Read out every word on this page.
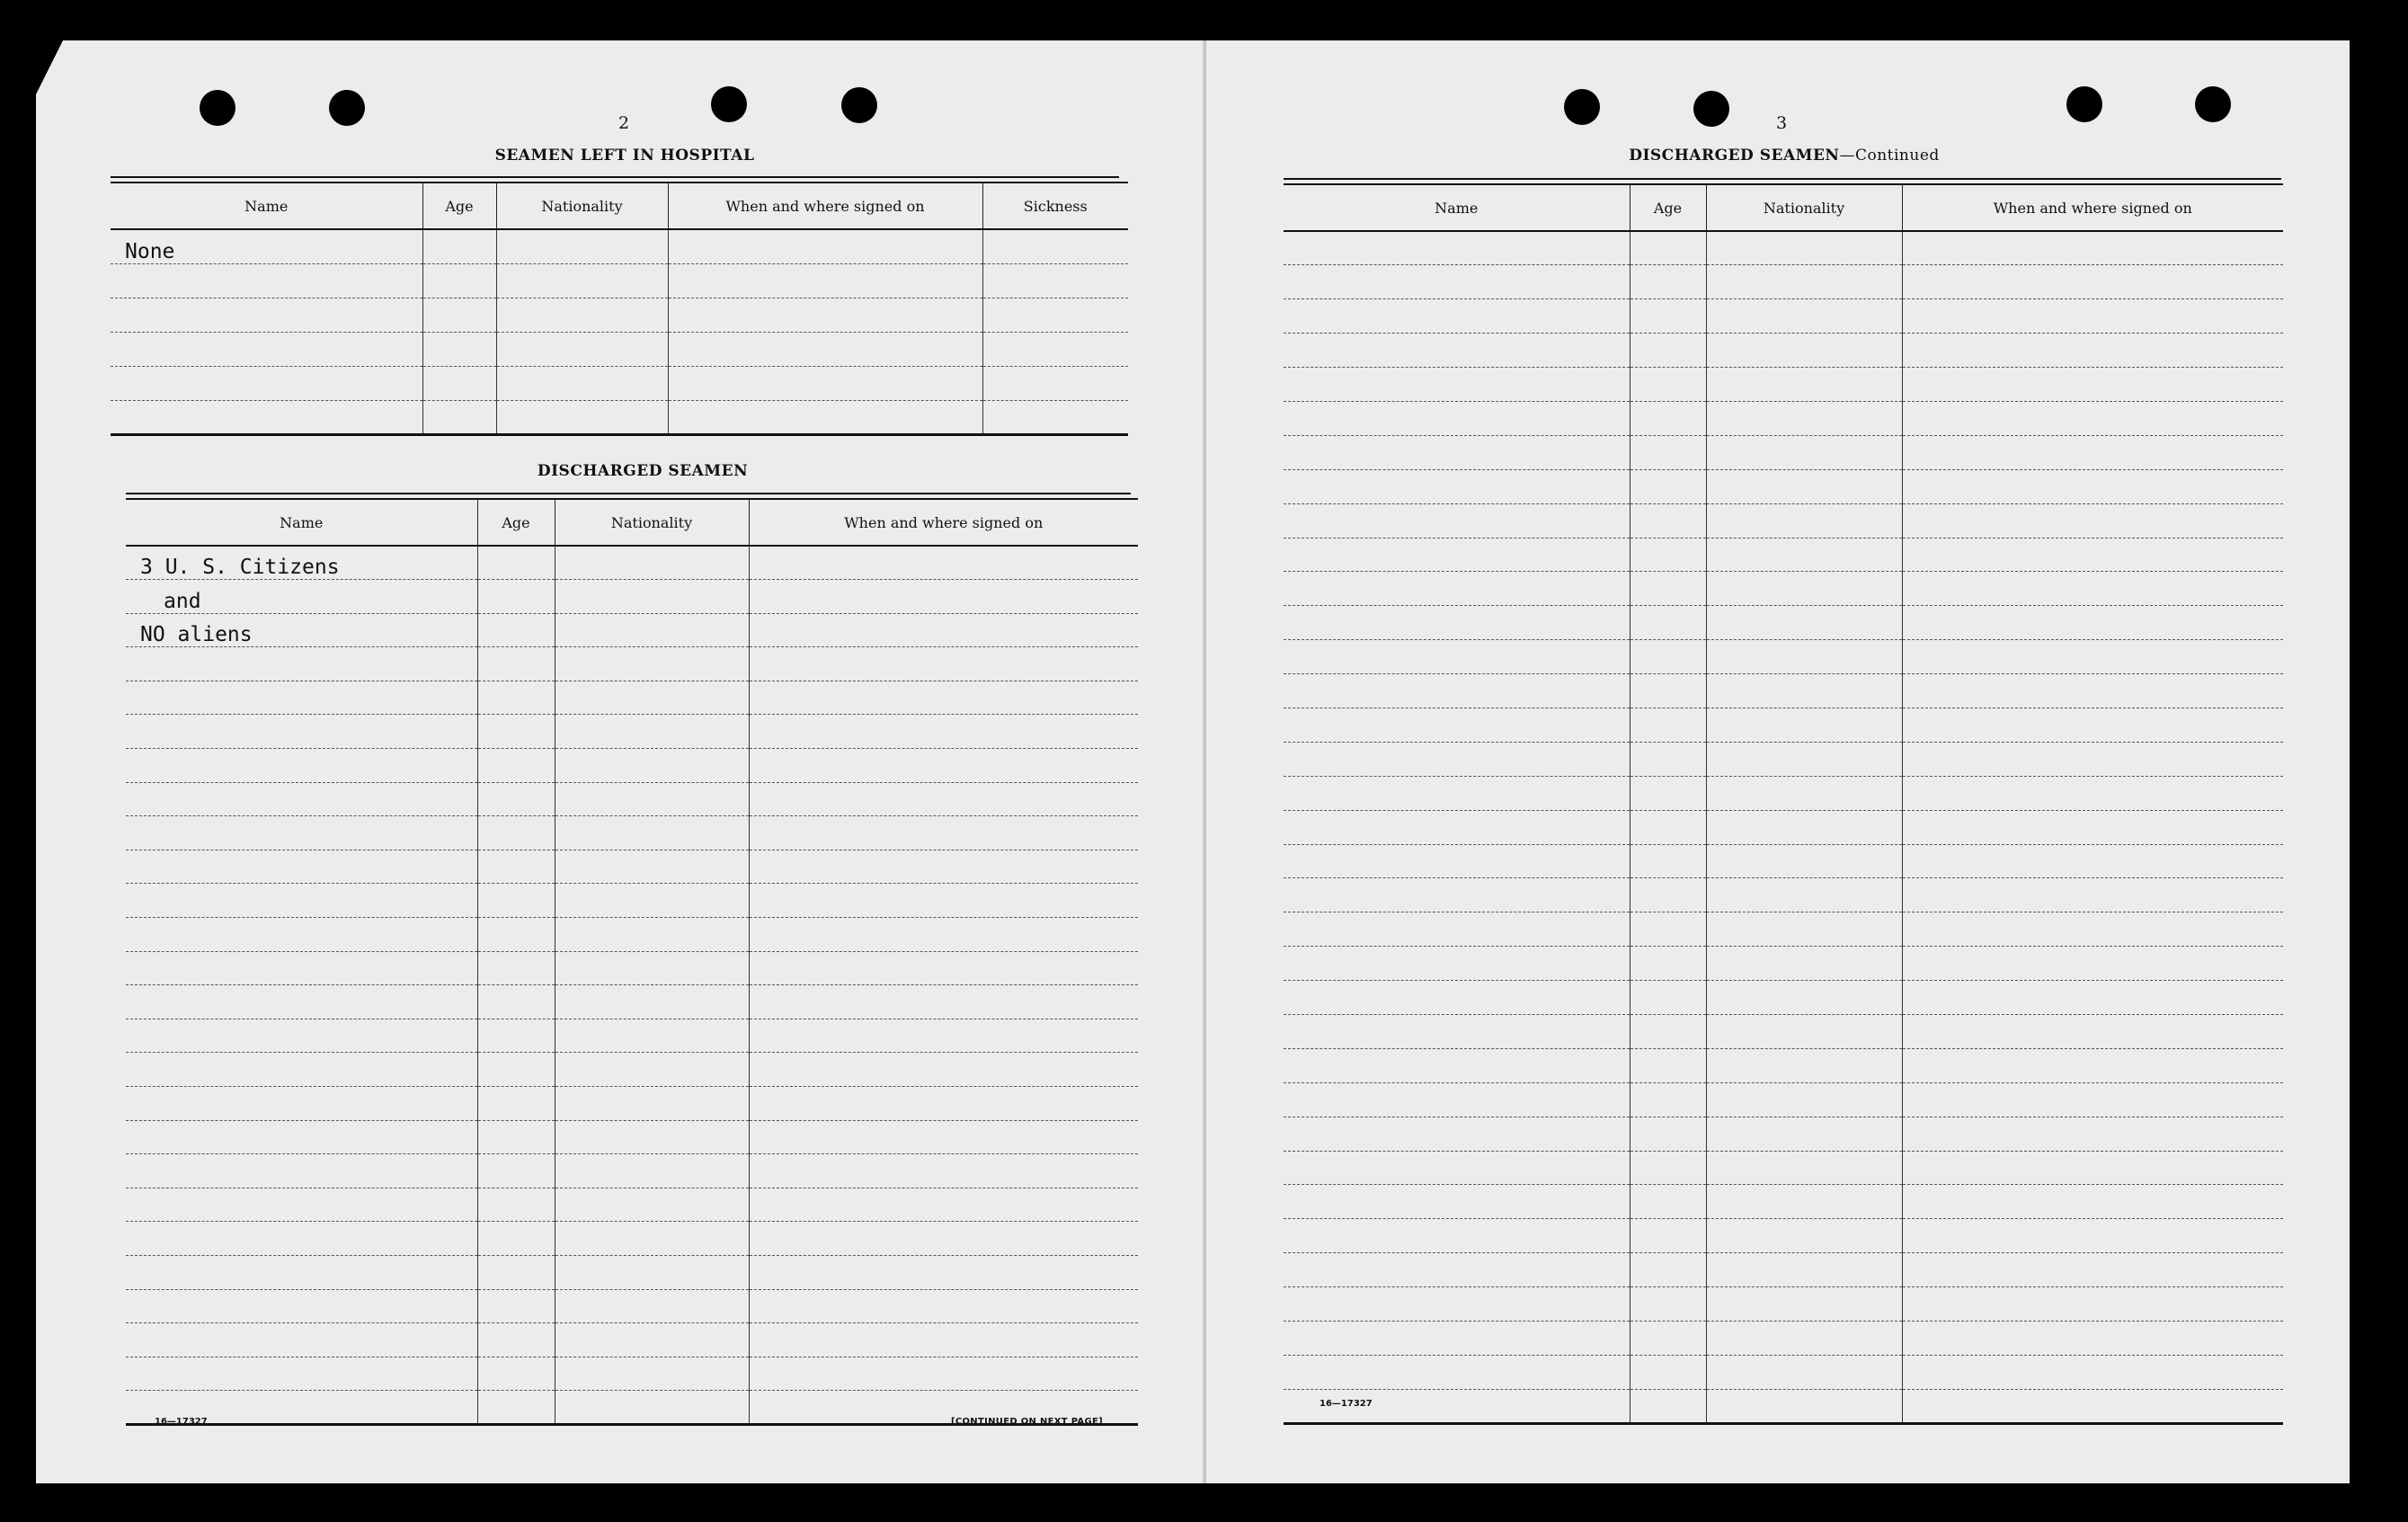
2
SEAMEN LEFT IN HOSPITAL
Name	Age	Nationality	When and where signed on	Sickness
None				

DISCHARGED SEAMEN
Name	Age	Nationality	When and where signed on
3 U. S. Citizens			
and			
NO aliens			

16—17327	[CONTINUED ON NEXT PAGE]
3
DISCHARGED SEAMEN—Continued
Name	Age	Nationality	When and where signed on

16—17327
